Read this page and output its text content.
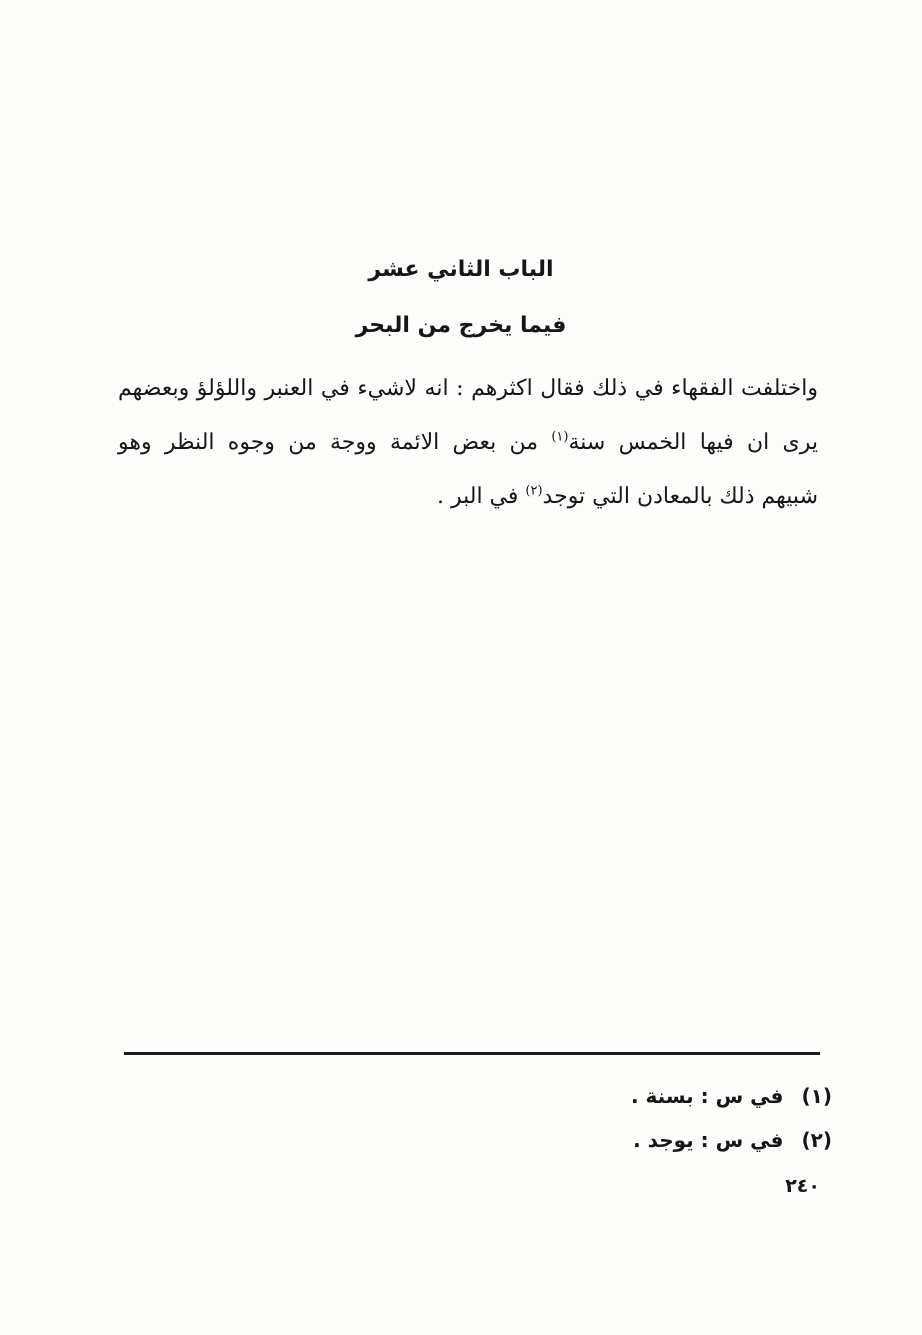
الباب الثاني عشر
فيما يخرج من البحر
واختلفت الفقهاء في ذلك فقال اكثرهم : انه لاشيء في العنبر واللؤلؤ وبعضهم
يرى ان فيها الخمس سنة$^{(١)}$ من بعض الائمة ووجة من وجوه النظر وهو
شبيهم ذلك بالمعادن التي توجد$^{(٢)}$ في البر .
(١)في س : بسنة .
(٢)في س : يوجد .
٢٤٠
